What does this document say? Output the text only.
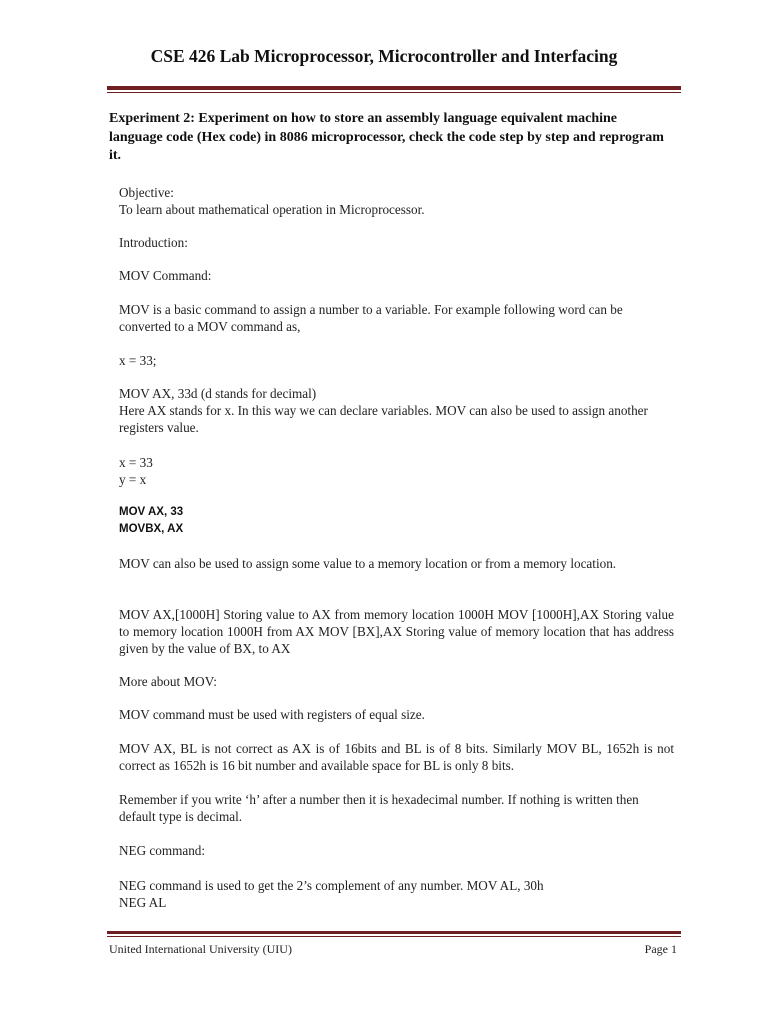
CSE 426 Lab Microprocessor, Microcontroller and Interfacing
Experiment 2: Experiment on how to store an assembly language equivalent machine language code (Hex code) in 8086 microprocessor, check the code step by step and reprogram it.
Objective:
To learn about mathematical operation in Microprocessor.
Introduction:
MOV Command:
MOV is a basic command to assign a number to a variable. For example following word can be converted to a MOV command as,
x = 33;
MOV AX, 33d (d stands for decimal)
Here AX stands for x. In this way we can declare variables. MOV can also be used to assign another registers value.
x = 33
y = x
MOV AX, 33
MOVBX, AX
MOV can also be used to assign some value to a memory location or from a memory location.
MOV AX,[1000H] Storing value to AX from memory location 1000H MOV [1000H],AX Storing value to memory location 1000H from AX MOV [BX],AX Storing value of memory location that has address given by the value of BX, to AX
More about MOV:
MOV command must be used with registers of equal size.
MOV AX, BL is not correct as AX is of 16bits and BL is of 8 bits. Similarly MOV BL, 1652h is not correct as 1652h is 16 bit number and available space for BL is only 8 bits.
Remember if you write ‘h’ after a number then it is hexadecimal number. If nothing is written then default type is decimal.
NEG command:
NEG command is used to get the 2’s complement of any number. MOV AL, 30h
NEG AL
United International University (UIU)	Page 1
